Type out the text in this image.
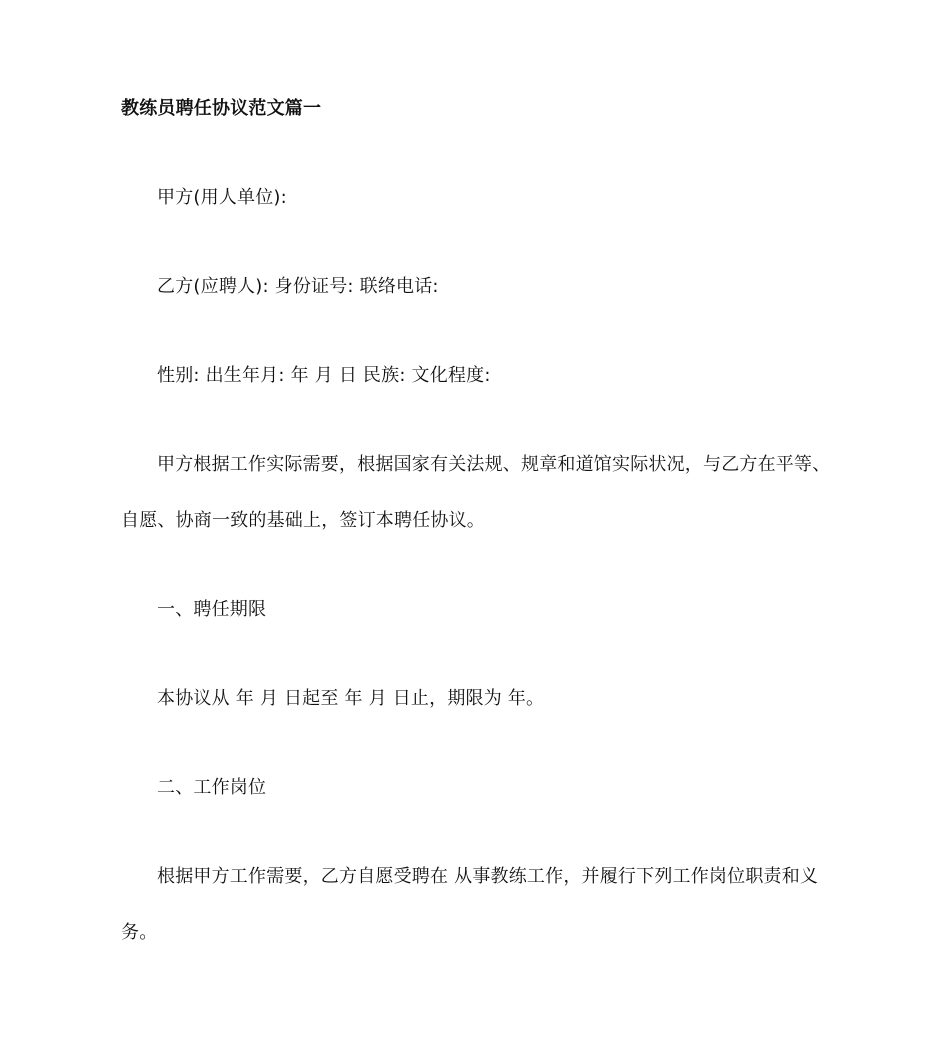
教练员聘任协议范文篇一
甲方(用人单位):
乙方(应聘人): 身份证号: 联络电话:
性别: 出生年月: 年 月 日 民族: 文化程度:
甲方根据工作实际需要，根据国家有关法规、规章和道馆实际状况，与乙方在平等、
自愿、协商一致的基础上，签订本聘任协议。
一、聘任期限
本协议从 年 月 日起至 年 月 日止，期限为 年。
二、工作岗位
根据甲方工作需要，乙方自愿受聘在 从事教练工作，并履行下列工作岗位职责和义
务。
